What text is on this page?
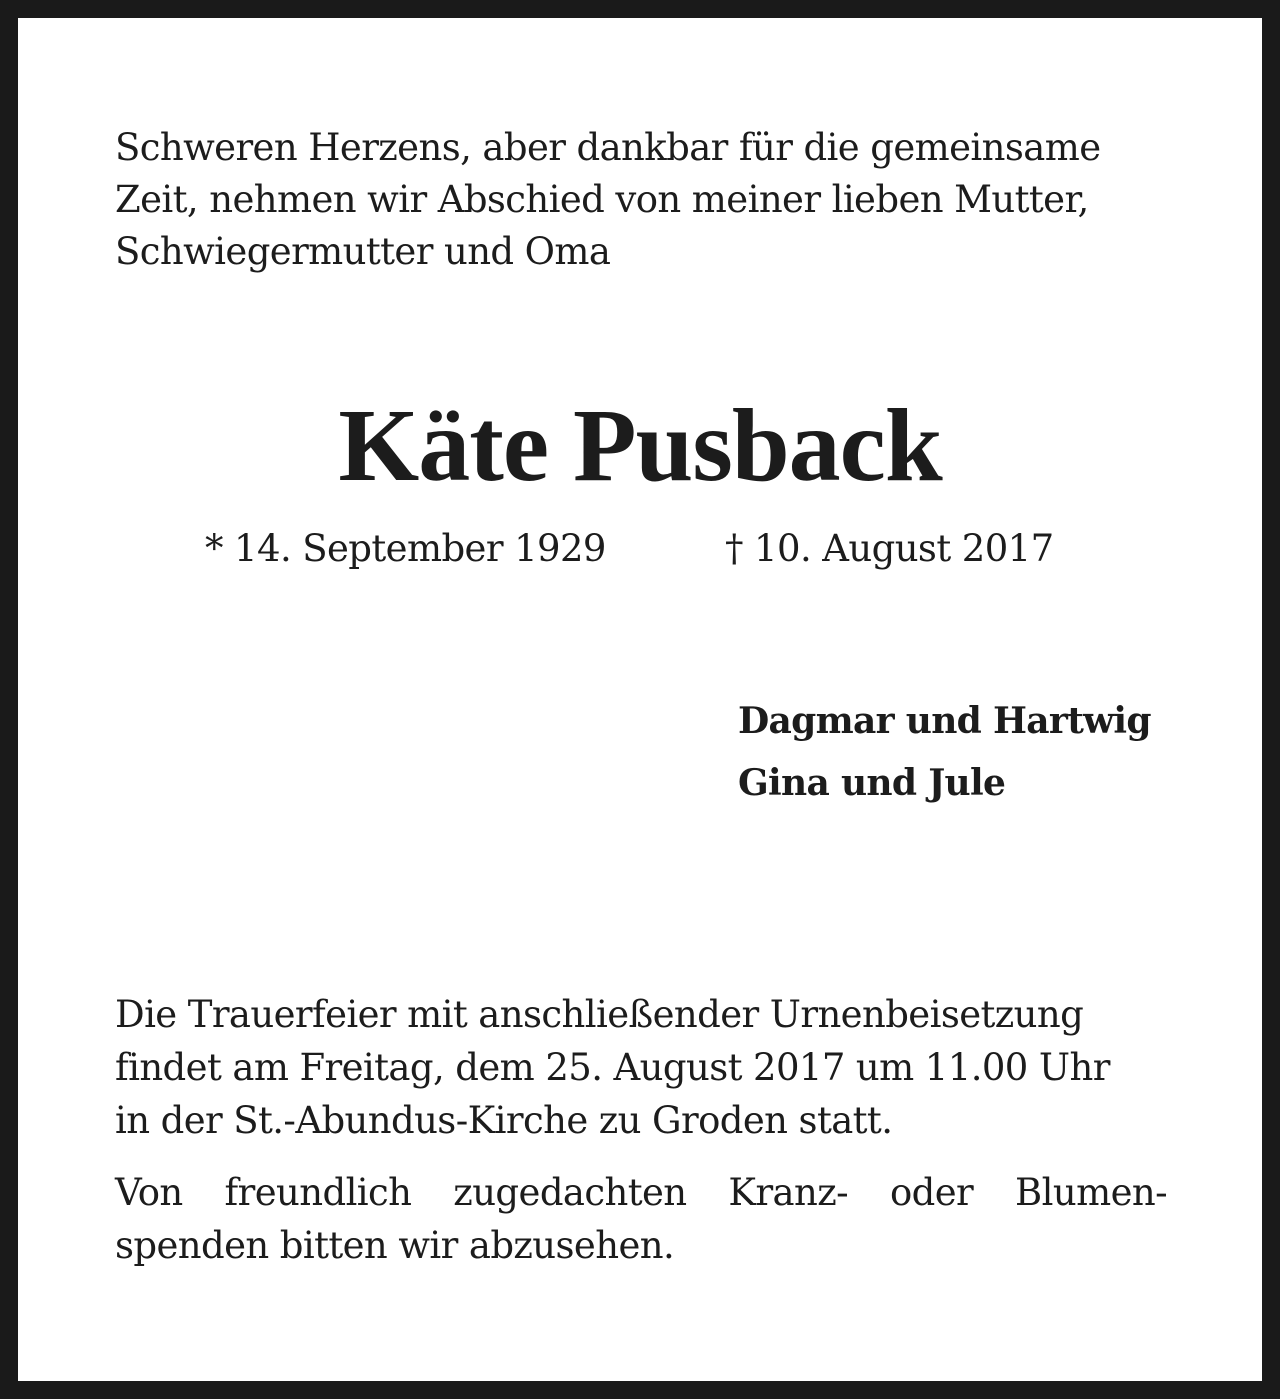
Schweren Herzens, aber dankbar für die gemeinsame
Zeit, nehmen wir Abschied von meiner lieben Mutter,
Schwiegermutter und Oma

Käte Pusback
* 14. September 1929	† 10. August 2017

Dagmar und Hartwig
Gina und Jule

Die Trauerfeier mit anschließender Urnenbeisetzung
findet am Freitag, dem 25. August 2017 um 11.00 Uhr
in der St.-Abundus-Kirche zu Groden statt.

Von freundlich zugedachten Kranz- oder Blumen-
spenden bitten wir abzusehen.
